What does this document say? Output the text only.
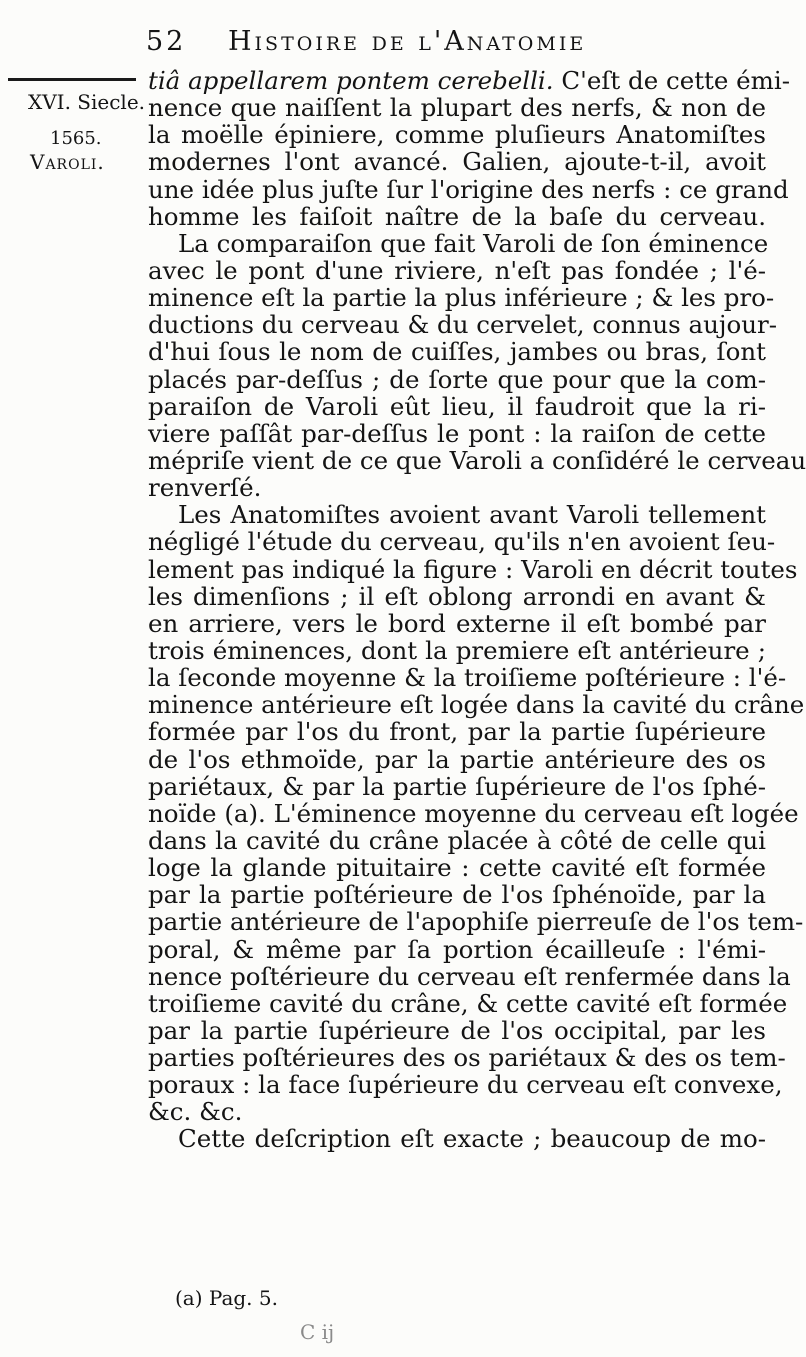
52 Histoire de l'Anatomie
XVI. Siecle.
1565.
Varoli.
tiâ appellarem pontem cerebelli. C'eſt de cette émi-
nence que naiſſent la plupart des nerfs, & non de
la moëlle épiniere, comme pluſieurs Anatomiſtes
modernes l'ont avancé. Galien, ajoute-t-il, avoit
une idée plus juſte ſur l'origine des nerfs : ce grand
homme les faiſoit naître de la baſe du cerveau.
La comparaiſon que fait Varoli de ſon éminence
avec le pont d'une riviere, n'eſt pas fondée ; l'é-
minence eſt la partie la plus inférieure ; & les pro-
ductions du cerveau & du cervelet, connus aujour-
d'hui ſous le nom de cuiſſes, jambes ou bras, ſont
placés par-deſſus ; de ſorte que pour que la com-
paraiſon de Varoli eût lieu, il faudroit que la ri-
viere paſſât par-deſſus le pont : la raiſon de cette
mépriſe vient de ce que Varoli a conſidéré le cerveau
renverſé.
Les Anatomiſtes avoient avant Varoli tellement
négligé l'étude du cerveau, qu'ils n'en avoient ſeu-
lement pas indiqué la figure : Varoli en décrit toutes
les dimenſions ; il eſt oblong arrondi en avant &
en arriere, vers le bord externe il eſt bombé par
trois éminences, dont la premiere eſt antérieure ;
la ſeconde moyenne & la troiſieme poſtérieure : l'é-
minence antérieure eſt logée dans la cavité du crâne
formée par l'os du front, par la partie ſupérieure
de l'os ethmoïde, par la partie antérieure des os
pariétaux, & par la partie ſupérieure de l'os ſphé-
noïde (a). L'éminence moyenne du cerveau eſt logée
dans la cavité du crâne placée à côté de celle qui
loge la glande pituitaire : cette cavité eſt formée
par la partie poſtérieure de l'os ſphénoïde, par la
partie antérieure de l'apophiſe pierreuſe de l'os tem-
poral, & même par ſa portion écailleuſe : l'émi-
nence poſtérieure du cerveau eſt renfermée dans la
troiſieme cavité du crâne, & cette cavité eſt formée
par la partie ſupérieure de l'os occipital, par les
parties poſtérieures des os pariétaux & des os tem-
poraux : la face ſupérieure du cerveau eſt convexe,
&c. &c.
Cette deſcription eſt exacte ; beaucoup de mo-
(a) Pag. 5.
C ij
